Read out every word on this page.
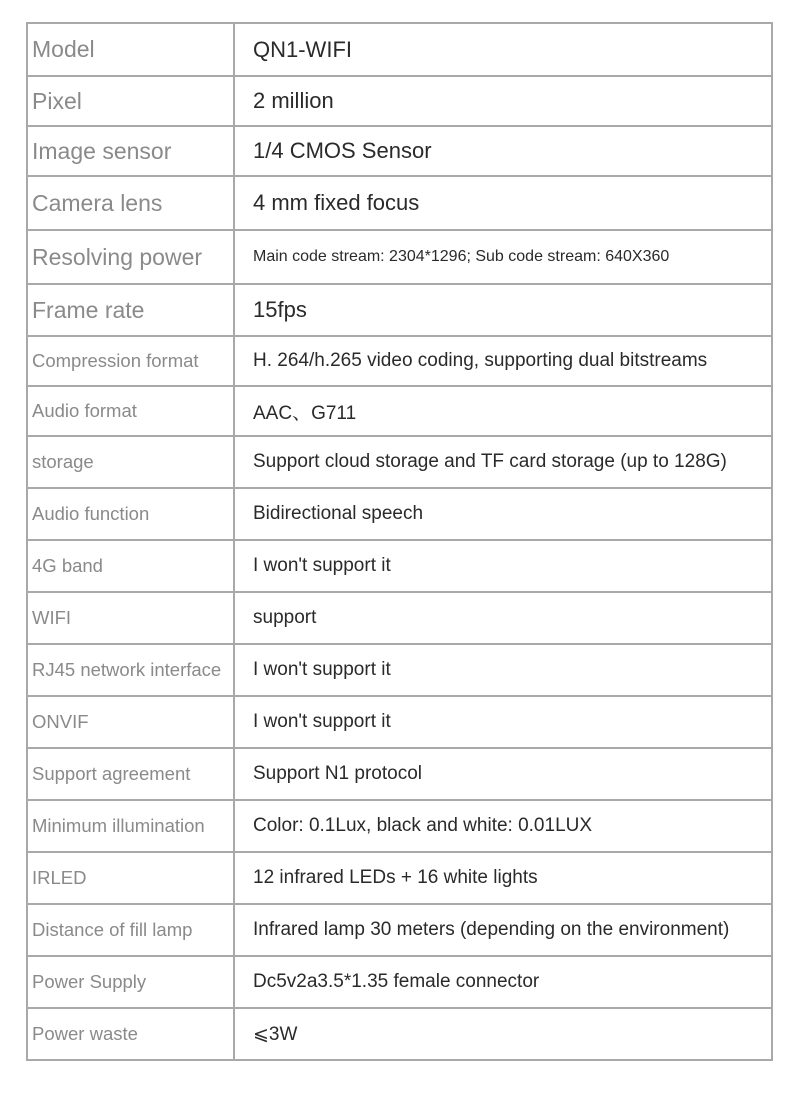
Model	QN1-WIFI
Pixel	2 million
Image sensor	1/4 CMOS Sensor
Camera lens	4 mm fixed focus
Resolving power	Main code stream: 2304*1296; Sub code stream: 640X360
Frame rate	15fps
Compression format	H. 264/h.265 video coding, supporting dual bitstreams
Audio format	AAC、G711
storage	Support cloud storage and TF card storage (up to 128G)
Audio function	Bidirectional speech
4G band	I won't support it
WIFI	support
RJ45 network interface	I won't support it
ONVIF	I won't support it
Support agreement	Support N1 protocol
Minimum illumination	Color: 0.1Lux, black and white: 0.01LUX
IRLED	12 infrared LEDs + 16 white lights
Distance of fill lamp	Infrared lamp 30 meters (depending on the environment)
Power Supply	Dc5v2a3.5*1.35 female connector
Power waste	⩽3W
